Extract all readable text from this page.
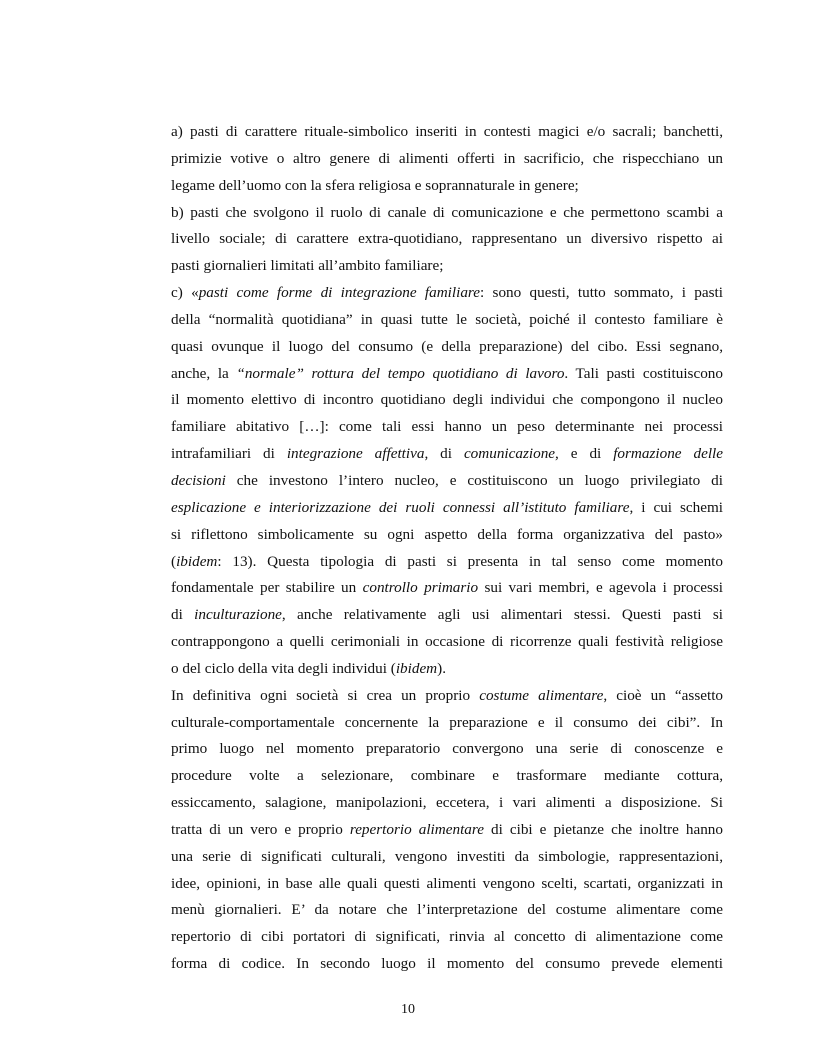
a) pasti di carattere rituale-simbolico inseriti in contesti magici e/o sacrali; banchetti,
primizie votive o altro genere di alimenti offerti in sacrificio, che rispecchiano un
legame dell’uomo con la sfera religiosa e soprannaturale in genere;

b) pasti che svolgono il ruolo di canale di comunicazione e che permettono scambi a
livello sociale; di carattere extra-quotidiano, rappresentano un diversivo rispetto ai
pasti giornalieri limitati all’ambito familiare;

c) «pasti come forme di integrazione familiare: sono questi, tutto sommato, i pasti
della “normalità quotidiana” in quasi tutte le società, poiché il contesto familiare è
quasi ovunque il luogo del consumo (e della preparazione) del cibo. Essi segnano,
anche, la “normale” rottura del tempo quotidiano di lavoro. Tali pasti costituiscono
il momento elettivo di incontro quotidiano degli individui che compongono il nucleo
familiare abitativo […]: come tali essi hanno un peso determinante nei processi
intrafamiliari di integrazione affettiva, di comunicazione, e di formazione delle
decisioni che investono l’intero nucleo, e costituiscono un luogo privilegiato di
esplicazione e interiorizzazione dei ruoli connessi all’istituto familiare, i cui schemi
si riflettono simbolicamente su ogni aspetto della forma organizzativa del pasto»
(ibidem: 13). Questa tipologia di pasti si presenta in tal senso come momento
fondamentale per stabilire un controllo primario sui vari membri, e agevola i processi
di inculturazione, anche relativamente agli usi alimentari stessi. Questi pasti si
contrappongono a quelli cerimoniali in occasione di ricorrenze quali festività religiose
o del ciclo della vita degli individui (ibidem).

In definitiva ogni società si crea un proprio costume alimentare, cioè un “assetto
culturale-comportamentale concernente la preparazione e il consumo dei cibi”. In
primo luogo nel momento preparatorio convergono una serie di conoscenze e
procedure volte a selezionare, combinare e trasformare mediante cottura,
essiccamento, salagione, manipolazioni, eccetera, i vari alimenti a disposizione. Si
tratta di un vero e proprio repertorio alimentare di cibi e pietanze che inoltre hanno
una serie di significati culturali, vengono investiti da simbologie, rappresentazioni,
idee, opinioni, in base alle quali questi alimenti vengono scelti, scartati, organizzati in
menù giornalieri. E’ da notare che l’interpretazione del costume alimentare come
repertorio di cibi portatori di significati, rinvia al concetto di alimentazione come
forma di codice. In secondo luogo il momento del consumo prevede elementi

10
